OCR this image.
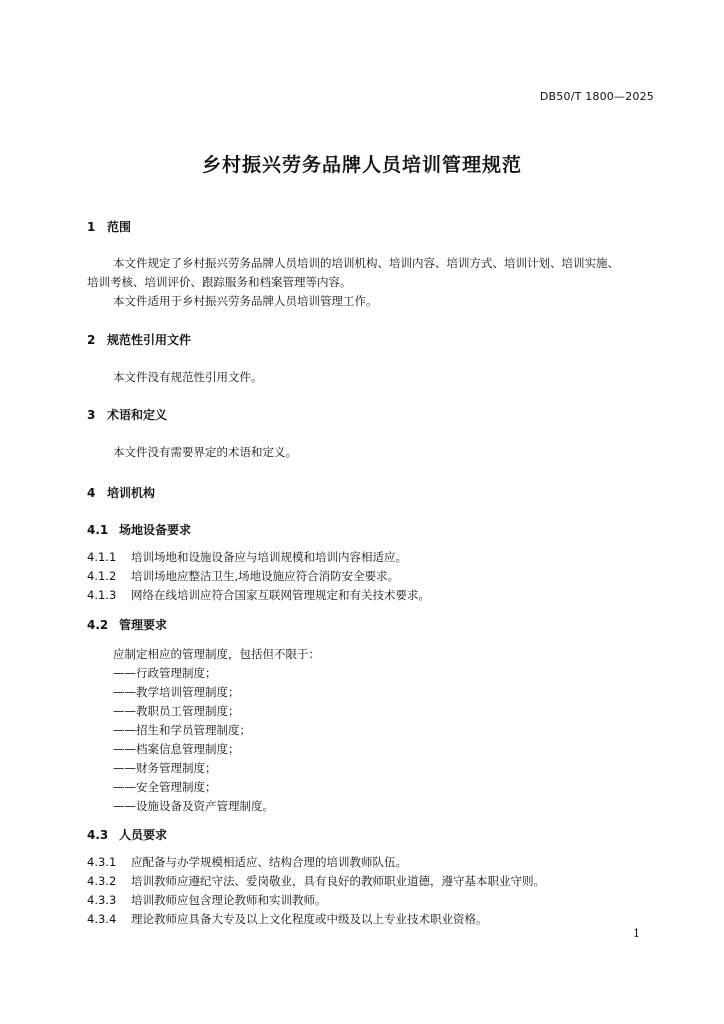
DB50/T 1800—2025
乡村振兴劳务品牌人员培训管理规范
1 范围
本文件规定了乡村振兴劳务品牌人员培训的培训机构、培训内容、培训方式、培训计划、培训实施、
培训考核、培训评价、跟踪服务和档案管理等内容。
本文件适用于乡村振兴劳务品牌人员培训管理工作。
2 规范性引用文件
本文件没有规范性引用文件。
3 术语和定义
本文件没有需要界定的术语和定义。
4 培训机构
4.1 场地设备要求
4.1.1 培训场地和设施设备应与培训规模和培训内容相适应。
4.1.2 培训场地应整洁卫生,场地设施应符合消防安全要求。
4.1.3 网络在线培训应符合国家互联网管理规定和有关技术要求。
4.2 管理要求
应制定相应的管理制度，包括但不限于：
——行政管理制度；
——教学培训管理制度；
——教职员工管理制度；
——招生和学员管理制度；
——档案信息管理制度；
——财务管理制度；
——安全管理制度；
——设施设备及资产管理制度。
4.3 人员要求
4.3.1 应配备与办学规模相适应、结构合理的培训教师队伍。
4.3.2 培训教师应遵纪守法、爱岗敬业，具有良好的教师职业道德，遵守基本职业守则。
4.3.3 培训教师应包含理论教师和实训教师。
4.3.4 理论教师应具备大专及以上文化程度或中级及以上专业技术职业资格。
1
